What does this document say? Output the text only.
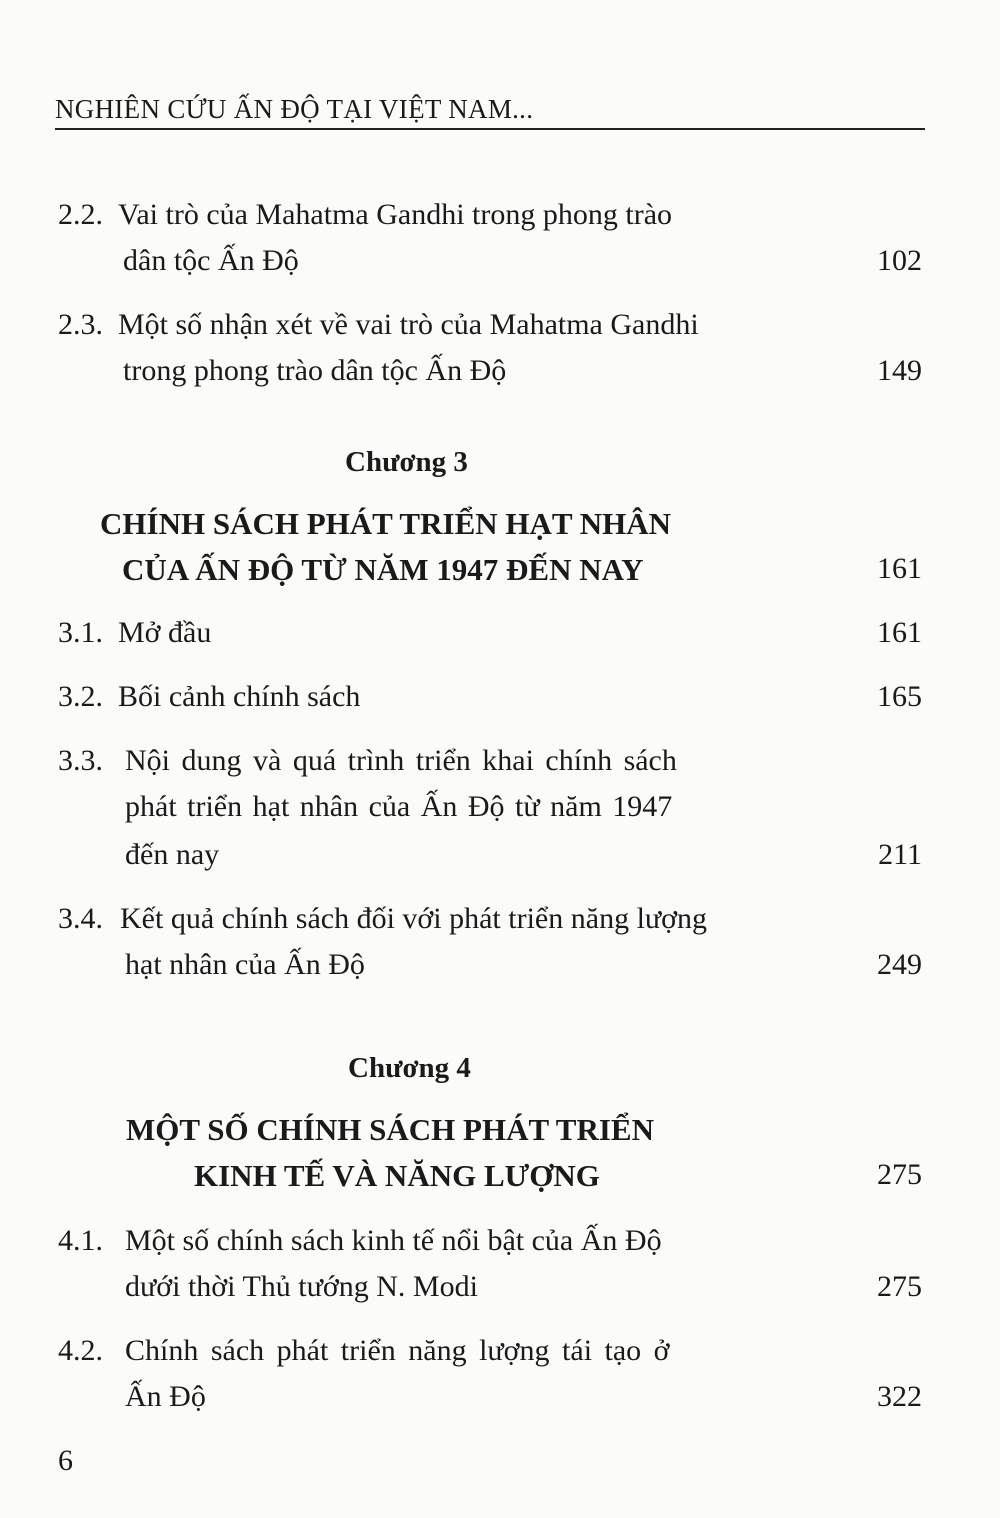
NGHIÊN CỨU ẤN ĐỘ TẠI VIỆT NAM...
2.2. Vai trò của Mahatma Gandhi trong phong trào
dân tộc Ấn Độ	102
2.3. Một số nhận xét về vai trò của Mahatma Gandhi
trong phong trào dân tộc Ấn Độ	149
Chương 3
CHÍNH SÁCH PHÁT TRIỂN HẠT NHÂN
CỦA ẤN ĐỘ TỪ NĂM 1947 ĐẾN NAY	161
3.1. Mở đầu	161
3.2. Bối cảnh chính sách	165
3.3. Nội dung và quá trình triển khai chính sách
phát triển hạt nhân của Ấn Độ từ năm 1947
đến nay	211
3.4. Kết quả chính sách đối với phát triển năng lượng
hạt nhân của Ấn Độ	249
Chương 4
MỘT SỐ CHÍNH SÁCH PHÁT TRIỂN
KINH TẾ VÀ NĂNG LƯỢNG	275
4.1. Một số chính sách kinh tế nổi bật của Ấn Độ
dưới thời Thủ tướng N. Modi	275
4.2. Chính sách phát triển năng lượng tái tạo ở
Ấn Độ	322
6
